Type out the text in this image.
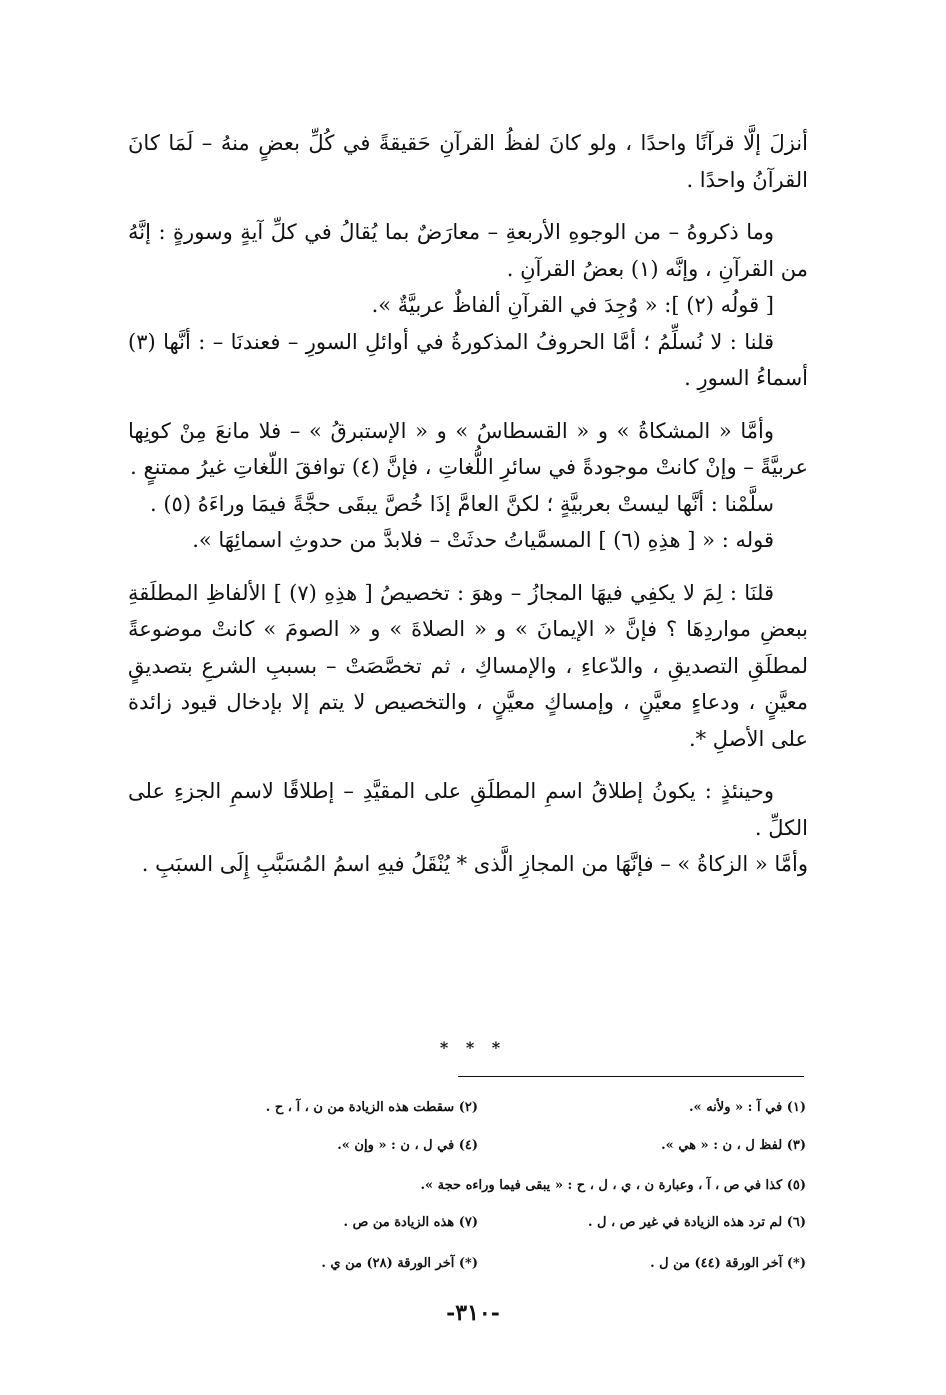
أنزلَ إلَّا قرآنًا واحدًا ، ولو كانَ لفظُ القرآنِ حَقيقةً في كُلِّ بعضٍ منهُ – لَمَا كانَ القرآنُ واحدًا .

وما ذكروهُ – من الوجوهِ الأربعةِ – معارَضٌ بما يُقالُ في كلِّ آيةٍ وسورةٍ : إنَّهُ من القرآنِ ، وإنَّه (١) بعضُ القرآنِ .

[ قولُه (٢) ]: « وُجِدَ في القرآنِ ألفاظٌ عربيَّةٌ ».

قلنا : لا نُسلِّمُ ؛ أمَّا الحروفُ المذكورةُ في أوائلِ السورِ – فعندنَا – : أنَّها (٣) أسماءُ السورِ .

وأمَّا « المشكاةُ » و « القسطاسُ » و « الإستبرقُ » – فلا مانعَ مِنْ كونِها عربيَّةً – وإنْ كانتْ موجودةً في سائرِ اللُّغاتِ ، فإنَّ (٤) توافقَ اللّغاتِ غيرُ ممتنعٍ .

سلَّمْنا : أنَّها ليستْ بعربيَّةٍ ؛ لكنَّ العامَّ إذَا خُصَّ يبقَى حجَّةً فيمَا وراءَهُ (٥) .

قوله : « [ هذِهِ (٦) ] المسمَّياتُ حدثَتْ – فلابدَّ من حدوثِ اسمائِهَا ».

قلنَا : لِمَ لا يكفِي فيهَا المجازُ – وهوَ : تخصيصُ [ هذِهِ (٧) ] الألفاظِ المطلَقةِ ببعضِ مواردِهَا ؟ فإنَّ « الإيمانَ » و « الصلاةَ » و « الصومَ » كانتْ موضوعةً لمطلَقِ التصديقِ ، والدّعاءِ ، والإمساكِ ، ثم تخصَّصَتْ – بسببِ الشرعِ بتصديقٍ معيَّنٍ ، ودعاءٍ معيَّنٍ ، وإمساكٍ معيَّنٍ ، والتخصيص لا يتم إلا بإدخال قيود زائدة على الأصلِ *.

وحينئذٍ : يكونُ إطلاقُ اسمِ المطلَقِ على المقيَّدِ – إطلاقًا لاسمِ الجزءِ على الكلِّ .

وأمَّا « الزكاةُ » – فإنَّهَا من المجازِ الَّذى * يُنْقَلُ فيهِ اسمُ المُسَبَّبِ إِلَى السبَبِ .

* * *
(١) في آ : « ولأنه ».(٢) سقطت هذه الزيادة من ن ، آ ، ح .
(٣) لفظ ل ، ن : « هي ».(٤) في ل ، ن : « وإن ».
(٥) كذا في ص ، آ ، وعبارة ن ، ي ، ل ، ح : « يبقى فيما وراءه حجة ».
(٦) لم ترد هذه الزيادة في غير ص ، ل .(٧) هذه الزيادة من ص .
(*) آخر الورقة (٤٤) من ل .(*) آخر الورقة (٢٨) من ي .
-٣١٠-
